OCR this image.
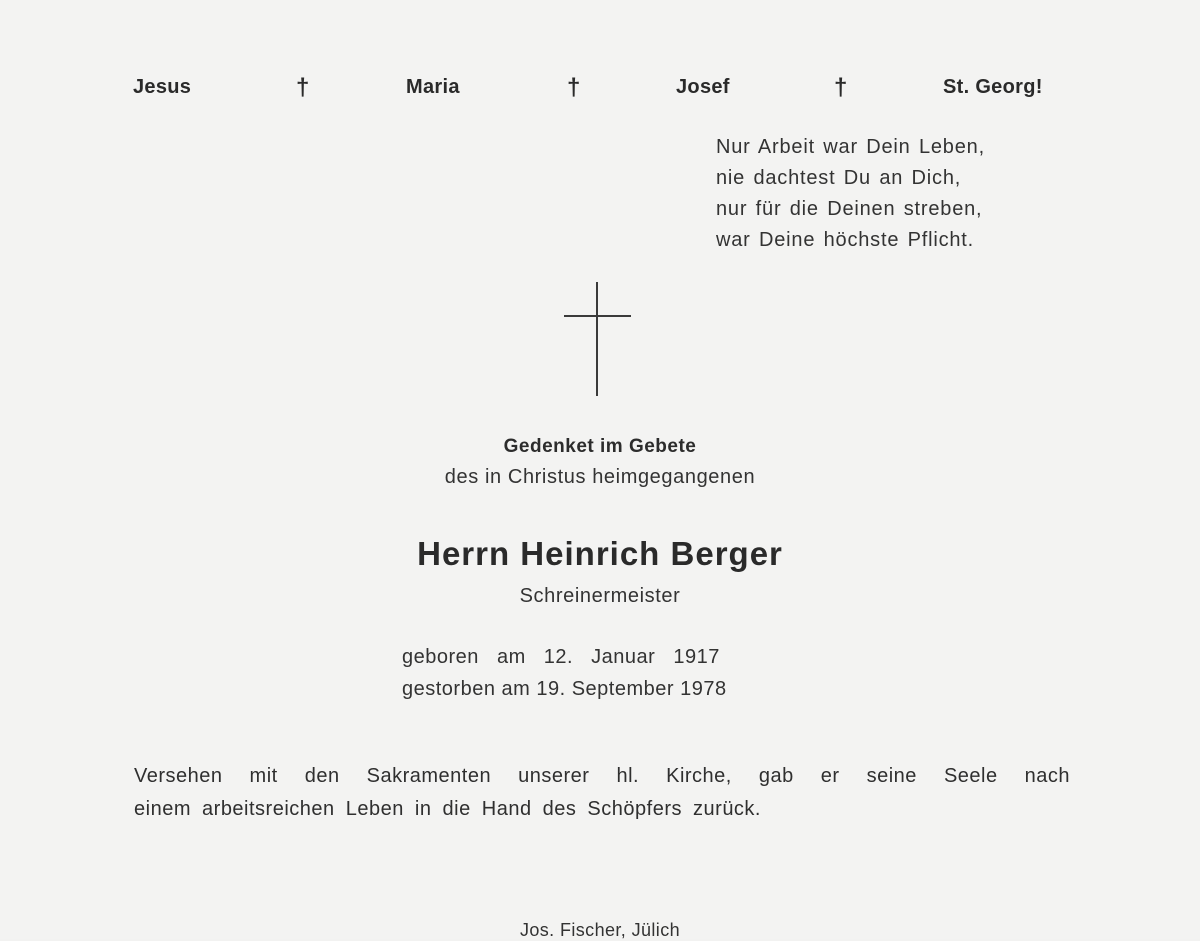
Jesus	†	Maria	†	Josef	†	St. Georg!
Nur Arbeit war Dein Leben,
nie dachtest Du an Dich,
nur für die Deinen streben,
war Deine höchste Pflicht.
Gedenket im Gebete
des in Christus heimgegangenen
Herrn Heinrich Berger
Schreinermeister
geboren am 12. Januar 1917
gestorben am 19. September 1978
Versehen mit den Sakramenten unserer hl. Kirche, gab er seine Seele nach
einem arbeitsreichen Leben in die Hand des Schöpfers zurück.
Jos. Fischer, Jülich
